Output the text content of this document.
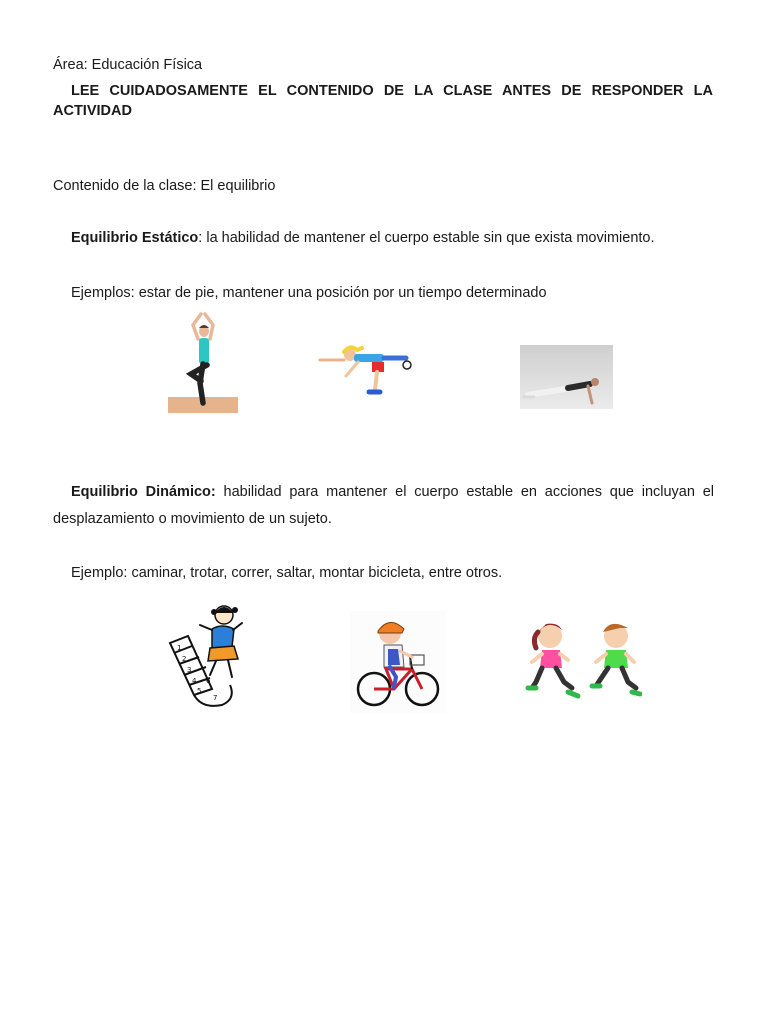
Área: Educación Física
LEE CUIDADOSAMENTE EL CONTENIDO DE LA CLASE ANTES DE RESPONDER LA ACTIVIDAD
Contenido de la clase: El equilibrio
Equilibrio Estático: la habilidad de mantener el cuerpo estable sin que exista movimiento.
Ejemplos: estar de pie, mantener una posición por un tiempo determinado
Equilibrio Dinámico: habilidad para mantener el cuerpo estable en acciones que incluyan el desplazamiento o movimiento de un sujeto.
Ejemplo: caminar, trotar, correr, saltar, montar bicicleta, entre otros.
1
2
3
4
5
6
7
